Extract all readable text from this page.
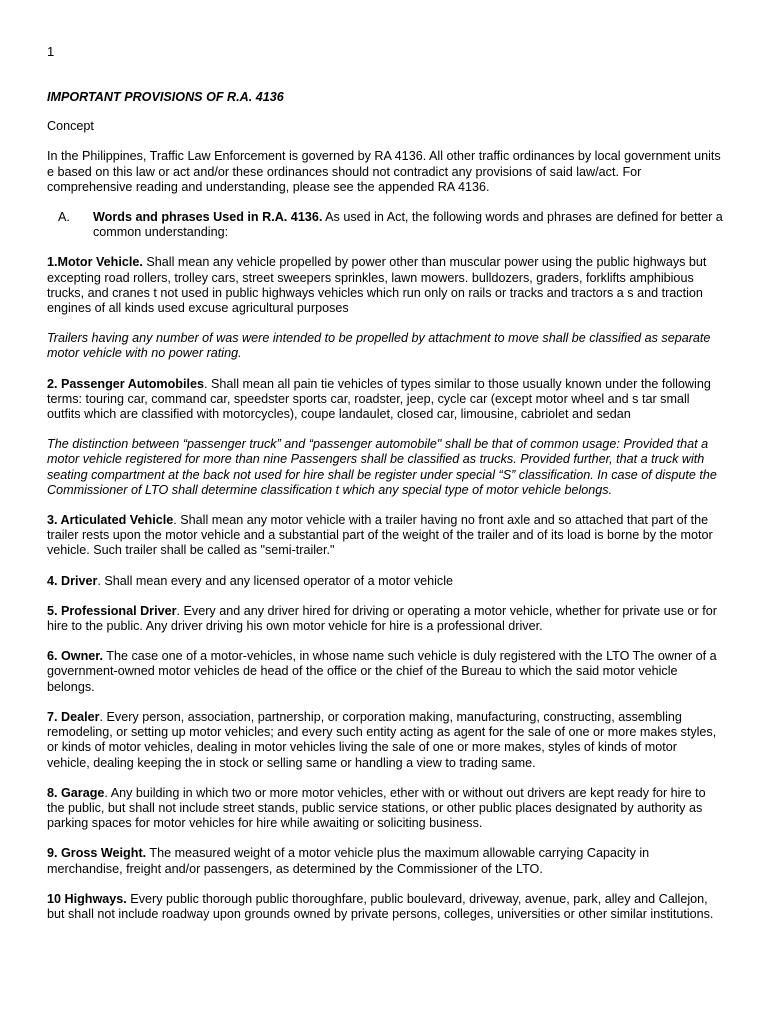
1
IMPORTANT PROVISIONS OF R.A. 4136
Concept

In the Philippines, Traffic Law Enforcement is governed by RA 4136. All other traffic ordinances by local government units e based on this law or act and/or these ordinances should not contradict any provisions of said law/act. For comprehensive reading and understanding, please see the appended RA 4136.

A.	Words and phrases Used in R.A. 4136. As used in Act, the following words and phrases are defined for better a common understanding:

1.Motor Vehicle. Shall mean any vehicle propelled by power other than muscular power using the public highways but excepting road rollers, trolley cars, street sweepers sprinkles, lawn mowers. bulldozers, graders, forklifts amphibious trucks, and cranes t not used in public highways vehicles which run only on rails or tracks and tractors a s and traction engines of all kinds used excuse agricultural purposes

Trailers having any number of was were intended to be propelled by attachment to move shall be classified as separate motor vehicle with no power rating.

2. Passenger Automobiles. Shall mean all pain tie vehicles of types similar to those usually known under the following terms: touring car, command car, speedster sports car, roadster, jeep, cycle car (except motor wheel and s tar small outfits which are classified with motorcycles), coupe landaulet, closed car, limousine, cabriolet and sedan

The distinction between “passenger truck” and “passenger automobile" shall be that of common usage: Provided that a motor vehicle registered for more than nine Passengers shall be classified as trucks. Provided further, that a truck with seating compartment at the back not used for hire shall be register under special “S” classification. In case of dispute the Commissioner of LTO shall determine classification t which any special type of motor vehicle belongs.

3. Articulated Vehicle. Shall mean any motor vehicle with a trailer having no front axle and so attached that part of the trailer rests upon the motor vehicle and a substantial part of the weight of the trailer and of its load is borne by the motor vehicle. Such trailer shall be called as "semi-trailer."

4. Driver. Shall mean every and any licensed operator of a motor vehicle

5. Professional Driver. Every and any driver hired for driving or operating a motor vehicle, whether for private use or for hire to the public. Any driver driving his own motor vehicle for hire is a professional driver.

6. Owner. The case one of a motor-vehicles, in whose name such vehicle is duly registered with the LTO The owner of a government-owned motor vehicles de head of the office or the chief of the Bureau to which the said motor vehicle belongs.

7. Dealer. Every person, association, partnership, or corporation making, manufacturing, constructing, assembling remodeling, or setting up motor vehicles; and every such entity acting as agent for the sale of one or more makes styles, or kinds of motor vehicles, dealing in motor vehicles living the sale of one or more makes, styles of kinds of motor vehicle, dealing keeping the in stock or selling same or handling a view to trading same.

8. Garage. Any building in which two or more motor vehicles, ether with or without out drivers are kept ready for hire to the public, but shall not include street stands, public service stations, or other public places designated by authority as parking spaces for motor vehicles for hire while awaiting or soliciting business.

9. Gross Weight. The measured weight of a motor vehicle plus the maximum allowable carrying Capacity in merchandise, freight and/or passengers, as determined by the Commissioner of the LTO.

10 Highways. Every public thorough public thoroughfare, public boulevard, driveway, avenue, park, alley and Callejon,
but shall not include roadway upon grounds owned by private persons, colleges, universities or other similar institutions.
